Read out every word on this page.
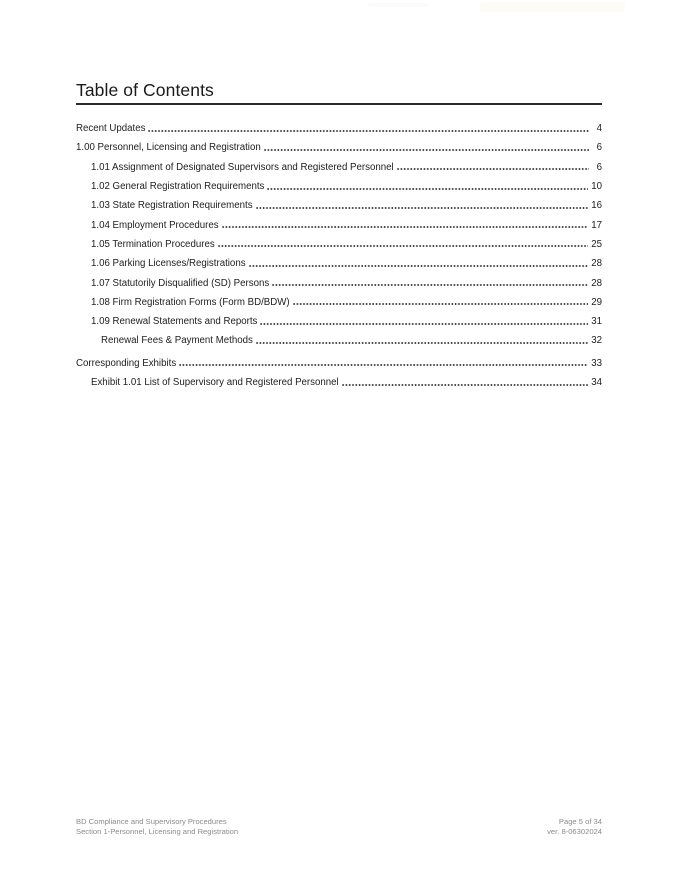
Table of Contents
Recent Updates	4
1.00 Personnel, Licensing and Registration	6
1.01 Assignment of Designated Supervisors and Registered Personnel	6
1.02 General Registration Requirements	10
1.03 State Registration Requirements	16
1.04 Employment Procedures	17
1.05 Termination Procedures	25
1.06 Parking Licenses/Registrations	28
1.07 Statutorily Disqualified (SD) Persons	28
1.08 Firm Registration Forms (Form BD/BDW)	29
1.09 Renewal Statements and Reports	31
Renewal Fees & Payment Methods	32
Corresponding Exhibits	33
Exhibit 1.01 List of Supervisory and Registered Personnel	34
BD Compliance and Supervisory Procedures
Section 1-Personnel, Licensing and Registration
Page 5 of 34
ver. 8-06302024
